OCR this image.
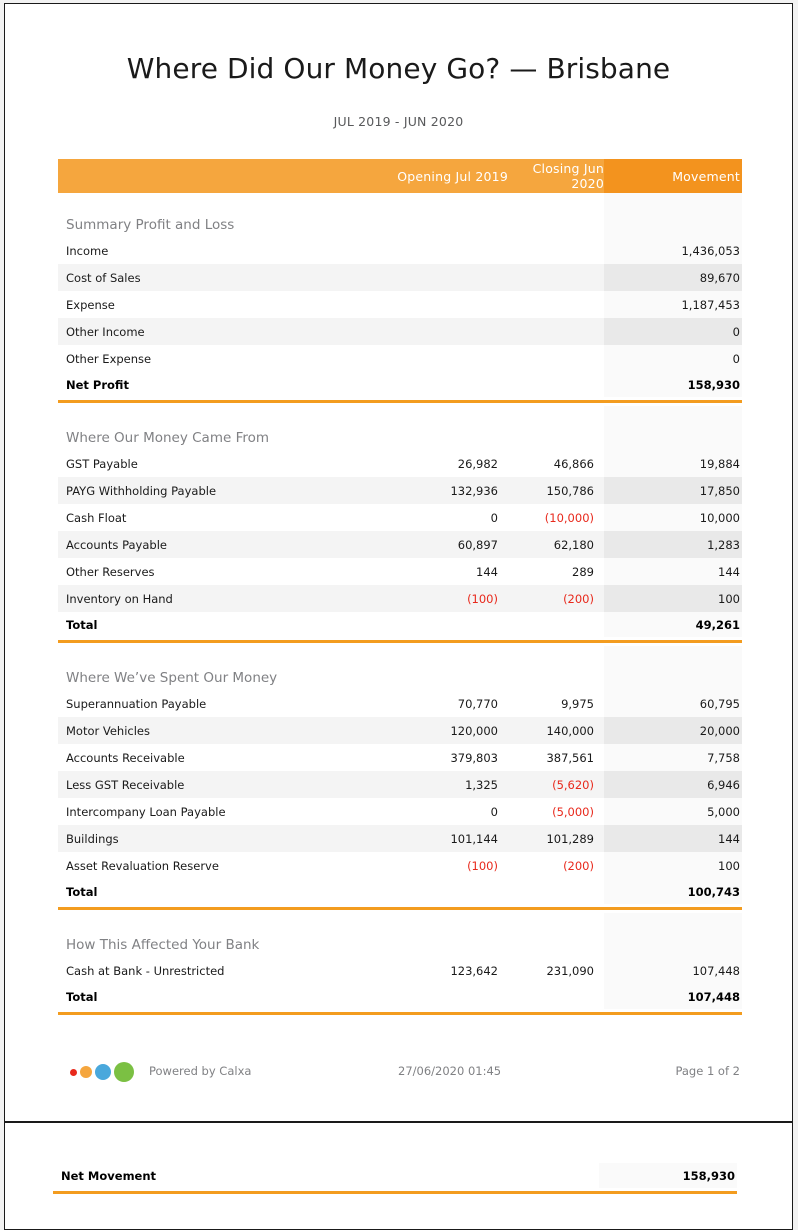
Where Did Our Money Go? — Brisbane
JUL 2019 - JUN 2020
	Opening Jul 2019	Closing Jun 2020	Movement
Summary Profit and Loss			
Income			1,436,053
Cost of Sales			89,670
Expense			1,187,453
Other Income			0
Other Expense			0
Net Profit			158,930

Where Our Money Came From			
GST Payable	26,982	46,866	19,884
PAYG Withholding Payable	132,936	150,786	17,850
Cash Float	0	(10,000)	10,000
Accounts Payable	60,897	62,180	1,283
Other Reserves	144	289	144
Inventory on Hand	(100)	(200)	100
Total			49,261

Where We’ve Spent Our Money			
Superannuation Payable	70,770	9,975	60,795
Motor Vehicles	120,000	140,000	20,000
Accounts Receivable	379,803	387,561	7,758
Less GST Receivable	1,325	(5,620)	6,946
Intercompany Loan Payable	0	(5,000)	5,000
Buildings	101,144	101,289	144
Asset Revaluation Reserve	(100)	(200)	100
Total			100,743

How This Affected Your Bank			
Cash at Bank - Unrestricted	123,642	231,090	107,448
Total			107,448

Powered by Calxa	27/06/2020 01:45	Page 1 of 2
Net Movement			158,930
